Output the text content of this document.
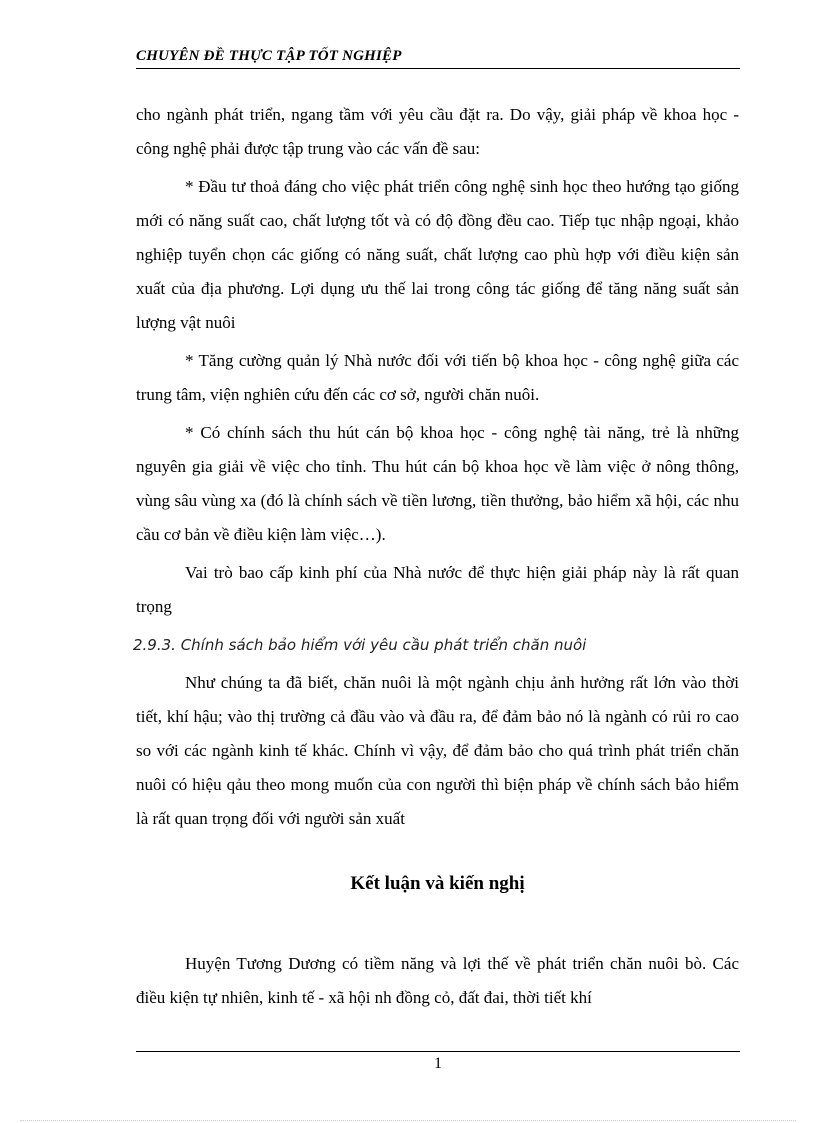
CHUYÊN ĐỀ THỰC TẬP TỐT NGHIỆP

cho ngành phát triển, ngang tầm với yêu cầu đặt ra. Do vậy, giải pháp về khoa học - công nghệ phải được tập trung vào các vấn đề sau:

* Đầu tư thoả đáng cho việc phát triển công nghệ sinh học theo hướng tạo giống mới có năng suất cao, chất lượng tốt và có độ đồng đều cao. Tiếp tục nhập ngoại, khảo nghiệp tuyển chọn các giống có năng suất, chất lượng cao phù hợp với điều kiện sản xuất của địa phương. Lợi dụng ưu thế lai trong công tác giống để tăng năng suất sản lượng vật nuôi

* Tăng cường quản lý Nhà nước đối với tiến bộ khoa học - công nghệ giữa các trung tâm, viện nghiên cứu đến các cơ sở, người chăn nuôi.

* Có chính sách thu hút cán bộ khoa học - công nghệ tài năng, trẻ là những nguyên gia giải về việc cho tỉnh. Thu hút cán bộ khoa học về làm việc ở nông thông, vùng sâu vùng xa (đó là chính sách về tiền lương, tiền thưởng, bảo hiểm xã hội, các nhu cầu cơ bản về điều kiện làm việc…).

Vai trò bao cấp kinh phí của Nhà nước để thực hiện giải pháp này là rất quan trọng

2.9.3. Chính sách bảo hiểm với yêu cầu phát triển chăn nuôi

Như chúng ta đã biết, chăn nuôi là một ngành chịu ảnh hưởng rất lớn vào thời tiết, khí hậu; vào thị trường cả đầu vào và đầu ra, để đảm bảo nó là ngành có rủi ro cao so với các ngành kinh tế khác. Chính vì vậy, để đảm bảo cho quá trình phát triển chăn nuôi có hiệu qảu theo mong muốn của con người thì biện pháp về chính sách bảo hiểm là rất quan trọng đối với người sản xuất

Kết luận và kiến nghị

Huyện Tương Dương có tiềm năng và lợi thế về phát triển chăn nuôi bò. Các điều kiện tự nhiên, kinh tế - xã hội nh đồng cỏ, đất đai, thời tiết khí

1
